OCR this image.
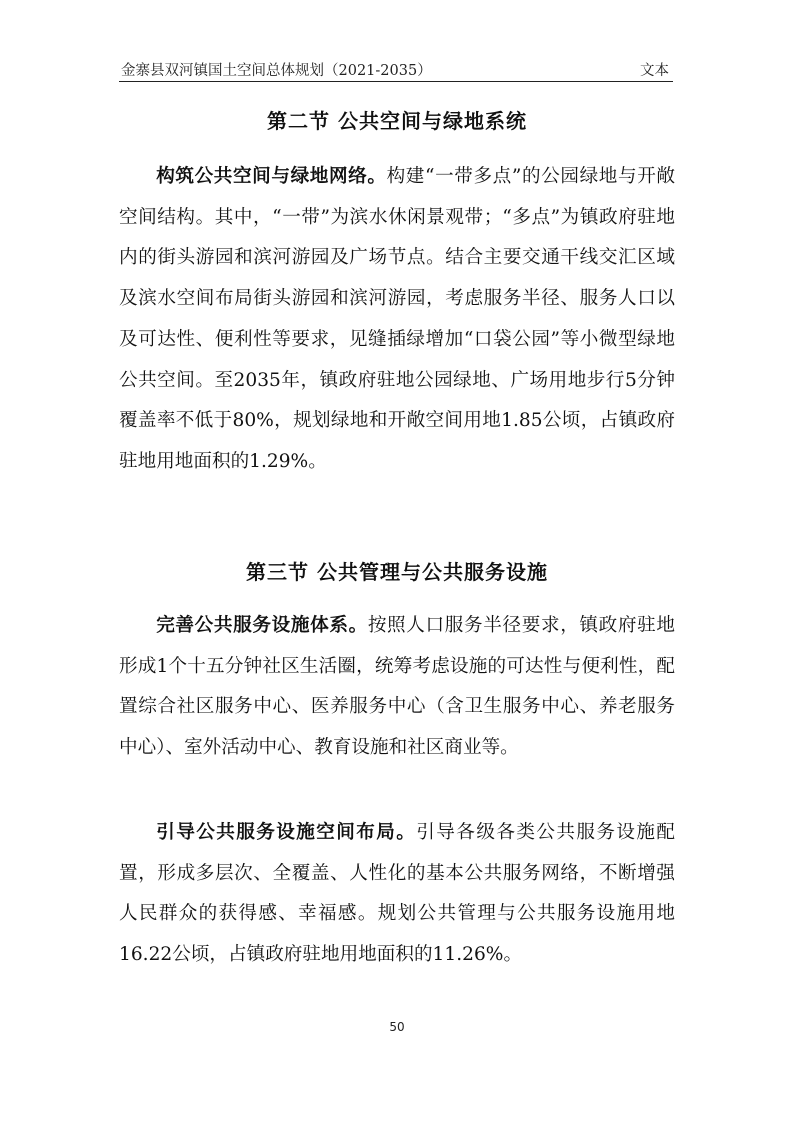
金寨县双河镇国土空间总体规划（2021-2035）	文本
第二节 公共空间与绿地系统

构筑公共空间与绿地网络。构建“一带多点”的公园绿地与开敞空间结构。其中，“一带”为滨水休闲景观带；“多点”为镇政府驻地内的街头游园和滨河游园及广场节点。结合主要交通干线交汇区域及滨水空间布局街头游园和滨河游园，考虑服务半径、服务人口以及可达性、便利性等要求，见缝插绿增加“口袋公园”等小微型绿地公共空间。至2035年，镇政府驻地公园绿地、广场用地步行5分钟覆盖率不低于80%，规划绿地和开敞空间用地1.85公顷，占镇政府驻地用地面积的1.29%。

第三节 公共管理与公共服务设施

完善公共服务设施体系。按照人口服务半径要求，镇政府驻地形成1个十五分钟社区生活圈，统筹考虑设施的可达性与便利性，配置综合社区服务中心、医养服务中心（含卫生服务中心、养老服务中心）、室外活动中心、教育设施和社区商业等。

引导公共服务设施空间布局。引导各级各类公共服务设施配置，形成多层次、全覆盖、人性化的基本公共服务网络，不断增强人民群众的获得感、幸福感。规划公共管理与公共服务设施用地16.22公顷，占镇政府驻地用地面积的11.26%。

50
